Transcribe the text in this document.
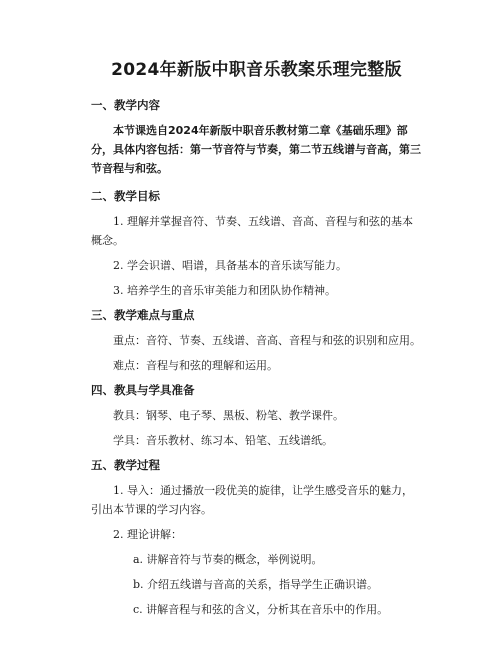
2024年新版中职音乐教案乐理完整版
一、教学内容
本节课选自2024年新版中职音乐教材第二章《基础乐理》部分，具体内容包括：第一节音符与节奏，第二节五线谱与音高，第三节音程与和弦。
二、教学目标
1. 理解并掌握音符、节奏、五线谱、音高、音程与和弦的基本概念。
2. 学会识谱、唱谱，具备基本的音乐读写能力。
3. 培养学生的音乐审美能力和团队协作精神。
三、教学难点与重点
重点：音符、节奏、五线谱、音高、音程与和弦的识别和应用。
难点：音程与和弦的理解和运用。
四、教具与学具准备
教具：钢琴、电子琴、黑板、粉笔、教学课件。
学具：音乐教材、练习本、铅笔、五线谱纸。
五、教学过程
1. 导入：通过播放一段优美的旋律，让学生感受音乐的魅力，引出本节课的学习内容。
2. 理论讲解：
a. 讲解音符与节奏的概念，举例说明。
b. 介绍五线谱与音高的关系，指导学生正确识谱。
c. 讲解音程与和弦的含义，分析其在音乐中的作用。
